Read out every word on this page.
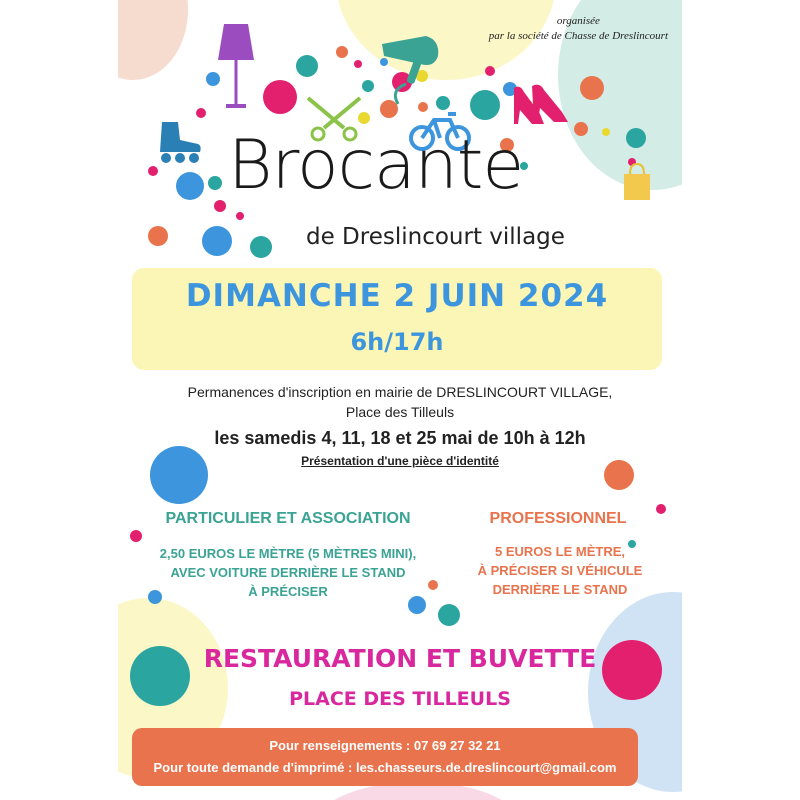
organisée
par la société de Chasse de Dreslincourt
Brocante
de Dreslincourt village
DIMANCHE 2 JUIN 2024
6h/17h
Permanences d'inscription en mairie de DRESLINCOURT VILLAGE,
Place des Tilleuls
les samedis 4, 11, 18 et 25 mai de 10h à 12h
Présentation d'une pièce d'identité
PARTICULIER ET ASSOCIATION
2,50 EUROS LE MÈTRE (5 MÈTRES MINI),
AVEC VOITURE DERRIÈRE LE STAND
À PRÉCISER
PROFESSIONNEL
5 EUROS LE MÈTRE,
À PRÉCISER SI VÉHICULE
DERRIÈRE LE STAND
RESTAURATION ET BUVETTE
PLACE DES TILLEULS
Pour renseignements : 07 69 27 32 21
Pour toute demande d'imprimé : les.chasseurs.de.dreslincourt@gmail.com
